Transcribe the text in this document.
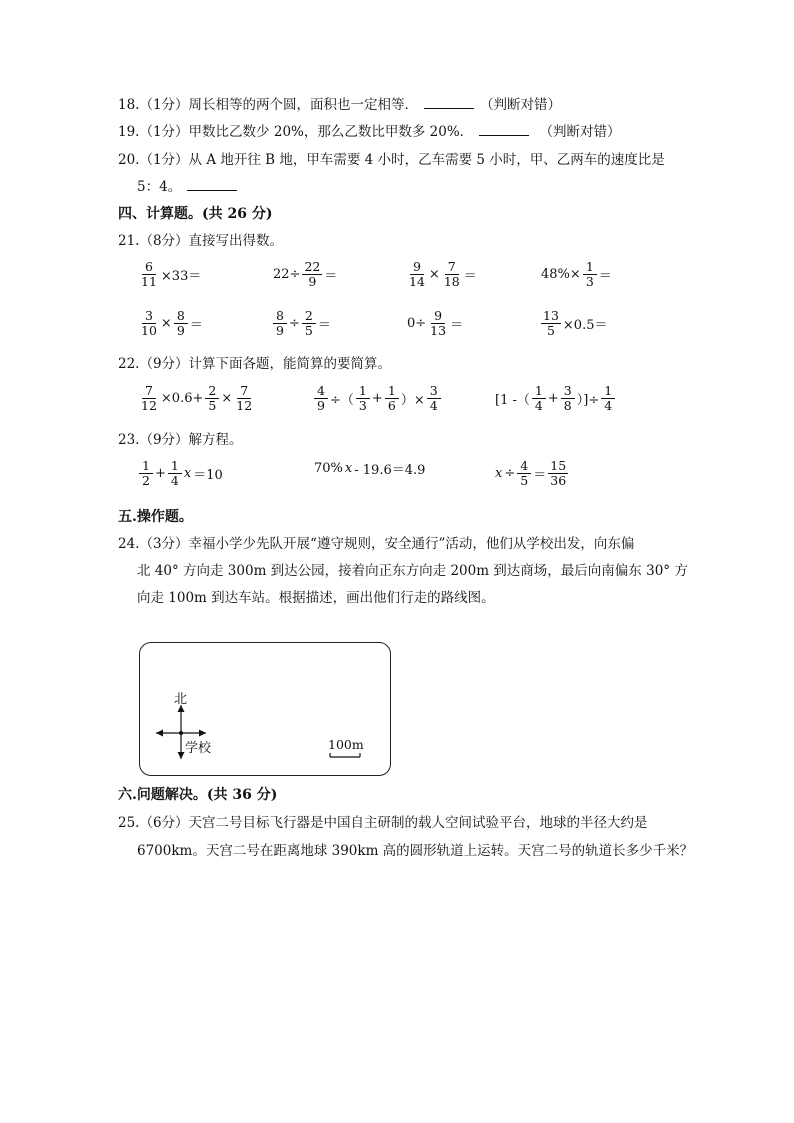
18.（1分）周长相等的两个圆，面积也一定相等．	（判断对错）
19.（1分）甲数比乙数少 20%，那么乙数比甲数多 20%．	（判断对错）
20.（1分）从 A 地开往 B 地，甲车需要 4 小时，乙车需要 5 小时，甲、乙两车的速度比是
5：4。
四、计算题。(共 26 分)
21.（8分）直接写出得数。
$\frac{6}{11} \times 33=$	$22\div \frac{22}{9}$ ＝	$\frac{9}{14} \times \frac{7}{18}$ ＝	$48\%\times \frac{1}{3}$ ＝
$\frac{3}{10} \times \frac{8}{9}$ ＝	$\frac{8}{9} \div \frac{2}{5}$ ＝	$0\div \frac{9}{13}$ ＝	$\frac{13}{5} \times 0.5=$
22.（9分）计算下面各题，能简算的要简算。
$\frac{7}{12} \times 0.6+ \frac{2}{5} \times \frac{7}{12}$	$\frac{4}{9}$ ÷（ $\frac{1}{3} + \frac{1}{6}$ ）× $\frac{3}{4}$	[1 -（ $\frac{1}{4} + \frac{3}{8}$ ）]÷ $\frac{1}{4}$
23.（9分）解方程。
$\frac{1}{2} + \frac{1}{4}$ x ＝10	70% x - 19.6＝4.9	$x \div \frac{4}{5} = \frac{15}{36}$
五.操作题。
24.（3分）幸福小学少先队开展“遵守规则，安全通行”活动，他们从学校出发，向东偏
北 40° 方向走 300m 到达公园，接着向正东方向走 200m 到达商场，最后向南偏东 30° 方
向走 100m 到达车站。根据描述，画出他们行走的路线图。
北
学校	100m
六.问题解决。(共 36 分)
25.（6分）天宫二号目标飞行器是中国自主研制的载人空间试验平台，地球的半径大约是
6700km。天宫二号在距离地球 390km 高的圆形轨道上运转。天宫二号的轨道长多少千米？
